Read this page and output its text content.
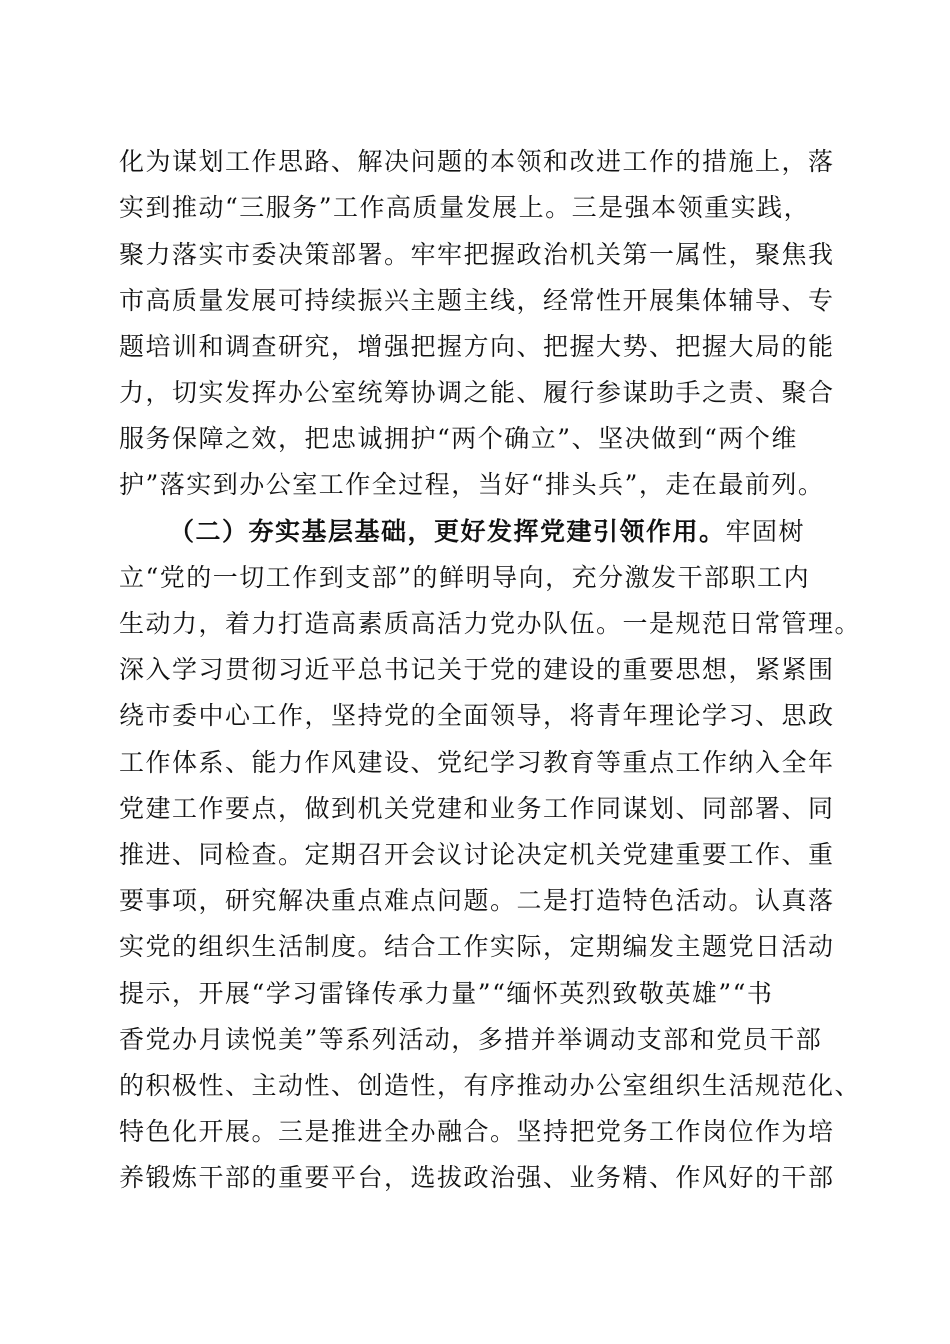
化为谋划工作思路、解决问题的本领和改进工作的措施上，落
实到推动“三服务”工作高质量发展上。三是强本领重实践，
聚力落实市委决策部署。牢牢把握政治机关第一属性，聚焦我
市高质量发展可持续振兴主题主线，经常性开展集体辅导、专
题培训和调查研究，增强把握方向、把握大势、把握大局的能
力，切实发挥办公室统筹协调之能、履行参谋助手之责、聚合
服务保障之效，把忠诚拥护“两个确立”、坚决做到“两个维
护”落实到办公室工作全过程，当好“排头兵”，走在最前列。
（二）夯实基层基础，更好发挥党建引领作用。牢固树
立“党的一切工作到支部”的鲜明导向，充分激发干部职工内
生动力，着力打造高素质高活力党办队伍。一是规范日常管理。
深入学习贯彻习近平总书记关于党的建设的重要思想，紧紧围
绕市委中心工作，坚持党的全面领导，将青年理论学习、思政
工作体系、能力作风建设、党纪学习教育等重点工作纳入全年
党建工作要点，做到机关党建和业务工作同谋划、同部署、同
推进、同检查。定期召开会议讨论决定机关党建重要工作、重
要事项，研究解决重点难点问题。二是打造特色活动。认真落
实党的组织生活制度。结合工作实际，定期编发主题党日活动
提示，开展“学习雷锋传承力量”“缅怀英烈致敬英雄”“书
香党办月读悦美”等系列活动，多措并举调动支部和党员干部
的积极性、主动性、创造性，有序推动办公室组织生活规范化、
特色化开展。三是推进全办融合。坚持把党务工作岗位作为培
养锻炼干部的重要平台，选拔政治强、业务精、作风好的干部
